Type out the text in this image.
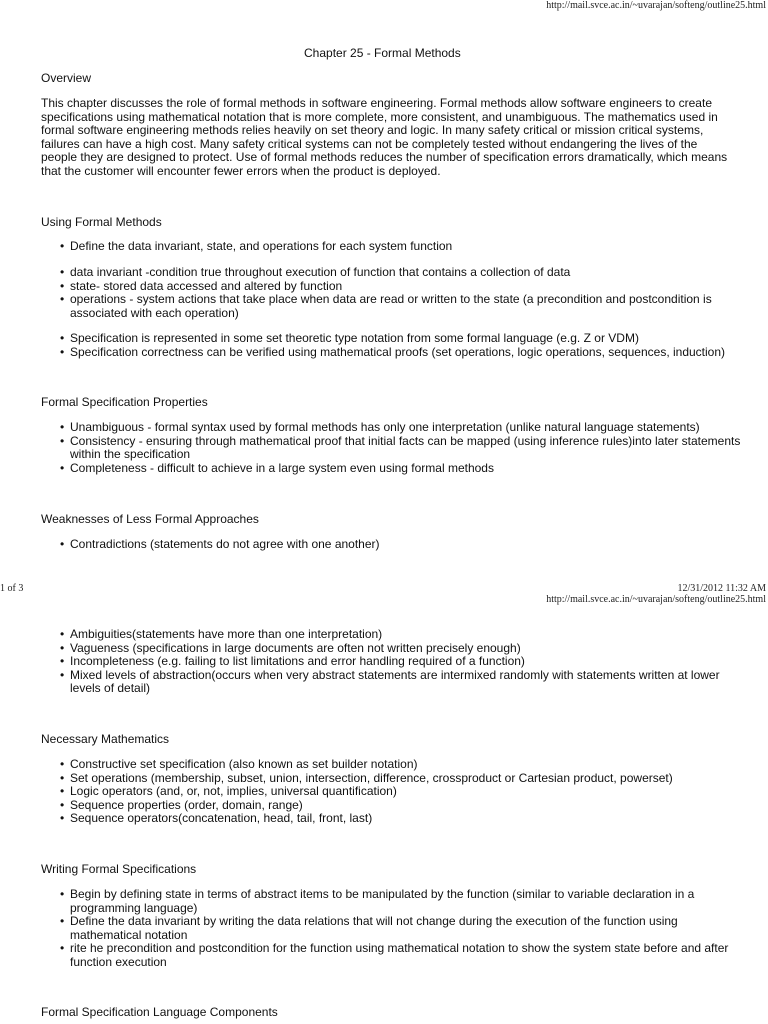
http://mail.svce.ac.in/~uvarajan/softeng/outline25.html
Chapter 25 - Formal Methods
Overview

This chapter discusses the role of formal methods in software engineering. Formal methods allow software engineers to create specifications using mathematical notation that is more complete, more consistent, and unambiguous. The mathematics used in formal software engineering methods relies heavily on set theory and logic. In many safety critical or mission critical systems, failures can have a high cost. Many safety critical systems can not be completely tested without endangering the lives of the people they are designed to protect. Use of formal methods reduces the number of specification errors dramatically, which means that the customer will encounter fewer errors when the product is deployed.

Using Formal Methods
• Define the data invariant, state, and operations for each system function
• data invariant -condition true throughout execution of function that contains a collection of data
• state- stored data accessed and altered by function
• operations - system actions that take place when data are read or written to the state (a precondition and postcondition is associated with each operation)
• Specification is represented in some set theoretic type notation from some formal language (e.g. Z or VDM)
• Specification correctness can be verified using mathematical proofs (set operations, logic operations, sequences, induction)
Formal Specification Properties
• Unambiguous - formal syntax used by formal methods has only one interpretation (unlike natural language statements)
• Consistency - ensuring through mathematical proof that initial facts can be mapped (using inference rules)into later statements within the specification
• Completeness - difficult to achieve in a large system even using formal methods
Weaknesses of Less Formal Approaches
• Contradictions (statements do not agree with one another)
1 of 3	12/31/2012 11:32 AM
http://mail.svce.ac.in/~uvarajan/softeng/outline25.html
• Ambiguities(statements have more than one interpretation)
• Vagueness (specifications in large documents are often not written precisely enough)
• Incompleteness (e.g. failing to list limitations and error handling required of a function)
• Mixed levels of abstraction(occurs when very abstract statements are intermixed randomly with statements written at lower levels of detail)
Necessary Mathematics
• Constructive set specification (also known as set builder notation)
• Set operations (membership, subset, union, intersection, difference, crossproduct or Cartesian product, powerset)
• Logic operators (and, or, not, implies, universal quantification)
• Sequence properties (order, domain, range)
• Sequence operators(concatenation, head, tail, front, last)
Writing Formal Specifications
• Begin by defining state in terms of abstract items to be manipulated by the function (similar to variable declaration in a programming language)
• Define the data invariant by writing the data relations that will not change during the execution of the function using mathematical notation
• rite he precondition and postcondition for the function using mathematical notation to show the system state before and after function execution
Formal Specification Language Components
